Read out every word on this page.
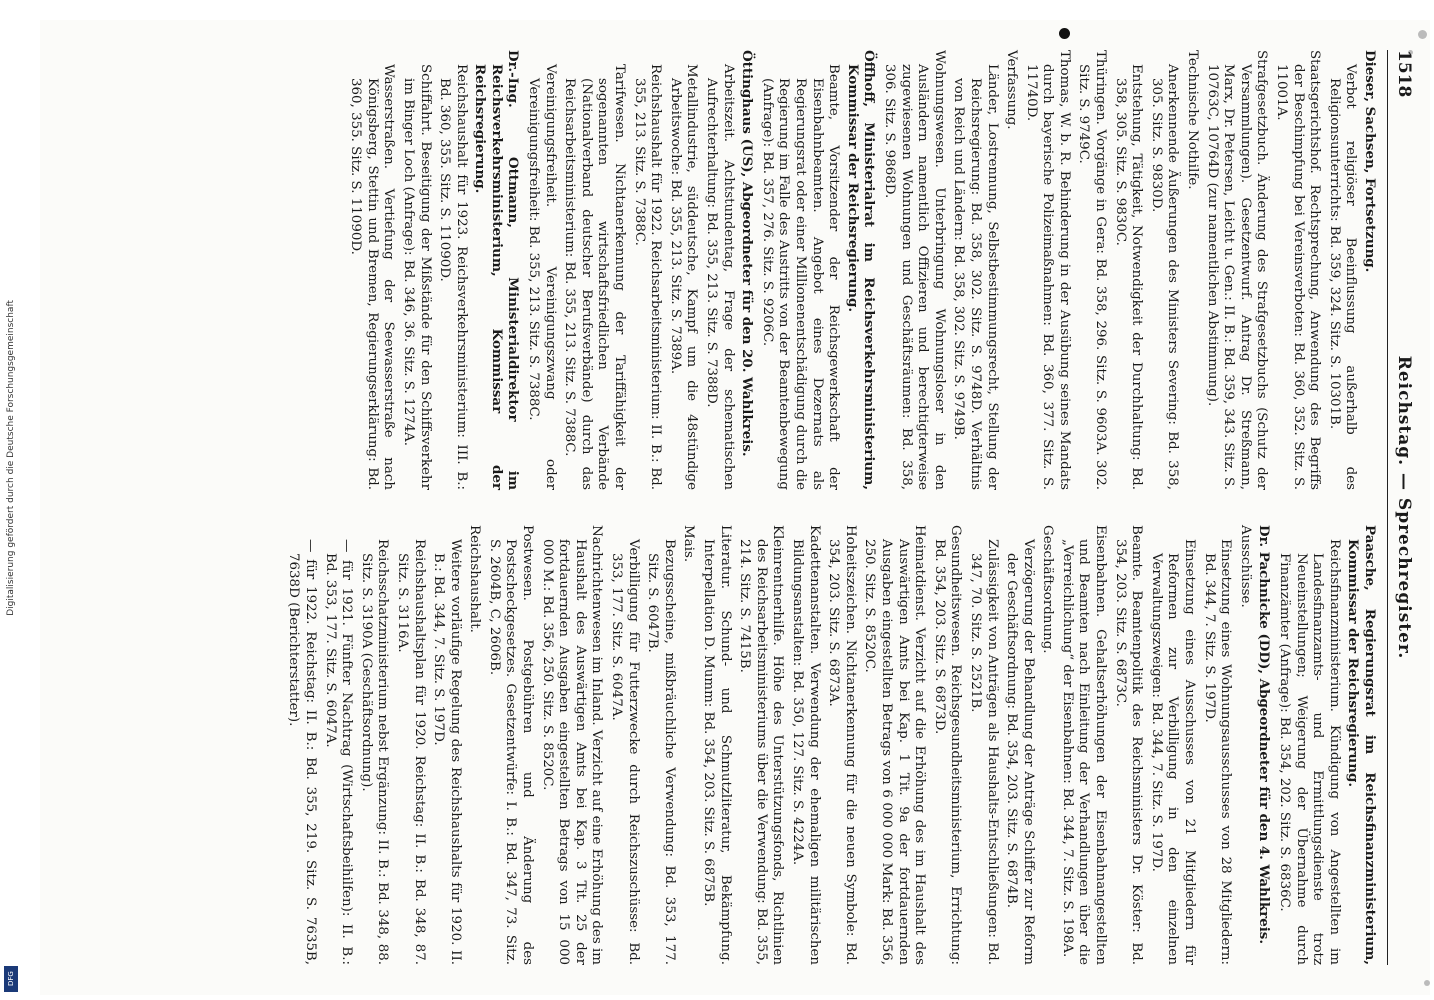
1518
Reichstag. — Sprechregister.
Dieser, Sachsen, Fortsetzung.
Verbot religiöser Beeinflussung außerhalb des Religionsunterrichts: Bd. 359, 324. Sitz. S. 10301B.
Staatsgerichtshof. Rechtsprechung, Anwendung des Begriffs der Beschimpfung bei Vereinsverboten: Bd. 360, 352. Sitz. S. 11001A.
Strafgesetzbuch. Änderung des Strafgesetzbuchs (Schutz der Versammlungen). Gesetzentwurf. Antrag Dr. Streßmann, Marx, Dr. Petersen, Leicht u. Gen.: II. B.: Bd. 359, 343. Sitz. S. 10763C, 10764D (zur namentlichen Abstimmung).
Technische Nothilfe.
Anerkennende Äußerungen des Ministers Severing: Bd. 358, 305. Sitz. S. 9830D.
Entstehung, Tätigkeit, Notwendigkeit der Durchhaltung: Bd. 358, 305. Sitz. S. 9830C.
Thüringen. Vorgänge in Gera: Bd. 358, 296. Sitz. S. 9603A. 302. Sitz. S. 9749C.
Thomas, W. b. R. Behinderung in der Ausübung seines Mandats durch bayerische Polizeimaßnahmen: Bd. 360, 377. Sitz. S. 11740D.
Verfassung.
Länder, Lostrennung, Selbstbestimmungsrecht, Stellung der Reichsregierung: Bd. 358, 302. Sitz. S. 9748D. Verhältnis von Reich und Ländern: Bd. 358, 302. Sitz. S. 9749B.
Wohnungswesen. Unterbringung Wohnungsloser in den Ausländern namentlich Offizieren und berechtigterweise zugewiesenen Wohnungen und Geschäftsräumen: Bd. 358, 306. Sitz. S. 9868D.
Öffhoff, Ministerialrat im Reichsverkehrsministerium, Kommissar der Reichsregierung.
Beamte, Vorsitzender der Reichsgewerkschaft der Eisenbahnbeamten. Angebot eines Dezernats als Regierungsrat oder einer Millionenentschädigung durch die Regierung im Falle des Austritts von der Beamtenbewegung (Anfrage): Bd. 357, 276. Sitz. S. 9206C.
Öttinghaus (US), Abgeordneter für den 20. Wahlkreis.
Arbeitszeit. Achtstundentag, Frage der schematischen Aufrechterhaltung: Bd. 355, 213. Sitz. S. 7388D.
Metallindustrie, süddeutsche, Kampf um die 48stündige Arbeitswoche: Bd. 355, 213. Sitz. S. 7389A.
Reichshaushalt für 1922. Reichsarbeitsministerium: II. B.: Bd. 355, 213. Sitz. S. 7388C.
Tarifwesen. Nichtanerkennung der Tariffähigkeit der sogenannten wirtschaftsfriedlichen Verbände (Nationalverband deutscher Berufsverbände) durch das Reichsarbeitsministerium: Bd. 355, 213. Sitz. S. 7388C.
Vereinigungsfreiheit. Vereinigungszwang oder Vereinigungsfreiheit: Bd. 355, 213. Sitz. S. 7388C.
Dr.-Ing. Ottmann, Ministerialdirektor im Reichsverkehrsministerium, Kommissar der Reichsregierung.
Reichshaushalt für 1923. Reichsverkehrsministerium: III. B.: Bd. 360, 355. Sitz. S. 11090D.
Schiffahrt. Beseitigung der Mißstände für den Schiffsverkehr im Binger Loch (Anfrage): Bd. 346, 36. Sitz. S. 1274A.
Wasserstraßen. Vertiefung der Seewasserstraße nach Königsberg, Stettin und Bremen, Regierungserklärung: Bd. 360, 355. Sitz. S. 11090D.
Paasche, Regierungsrat im Reichsfinanzministerium, Kommissar der Reichsregierung.
Reichsfinanzministerium. Kündigung von Angestellten im Landesfinanzamts- und Ermittlungsdienste trotz Neueinstellungen; Weigerung der Übernahme durch Finanzämter (Anfrage): Bd. 354, 202. Sitz. S. 6836C.
Dr. Pachnicke (DD), Abgeordneter für den 4. Wahlkreis.
Ausschüsse.
Einsetzung eines Wohnungsausschusses von 28 Mitgliedern: Bd. 344, 7. Sitz. S. 197D.
Einsetzung eines Ausschusses von 21 Mitgliedern für Reformen zur Verbilligung in den einzelnen Verwaltungszweigen: Bd. 344, 7. Sitz. S. 197D.
Beamte. Beamtenpolitik des Reichsministers Dr. Köster: Bd. 354, 203. Sitz. S. 6873C.
Eisenbahnen. Gehaltserhöhungen der Eisenbahnangestellten und Beamten nach Einleitung der Verhandlungen über die „Verreichlichung“ der Eisenbahnen: Bd. 344, 7. Sitz. S. 198A.
Geschäftsordnung.
Verzögerung der Behandlung der Anträge Schiffer zur Reform der Geschäftsordnung: Bd. 354, 203. Sitz. S. 6874B.
Zulässigkeit von Anträgen als Haushalts-Entschließungen: Bd. 347, 70. Sitz. S. 2521B.
Gesundheitswesen. Reichsgesundheitsministerium, Errichtung: Bd. 354, 203. Sitz. S. 6873D.
Heimatdienst. Verzicht auf die Erhöhung des im Haushalt des Auswärtigen Amts bei Kap. 1 Tit. 9a der fortdauernden Ausgaben eingestellten Betrags von 6 000 000 Mark: Bd. 356, 250. Sitz. S. 8520C.
Hoheitszeichen. Nichtanerkennung für die neuen Symbole: Bd. 354, 203. Sitz. S. 6873A.
Kadettenanstalten. Verwendung der ehemaligen militärischen Bildungsanstalten: Bd. 350, 127. Sitz. S. 4224A.
Kleinrentnerhilfe. Höhe des Unterstützungsfonds, Richtlinien des Reichsarbeitsministeriums über die Verwendung: Bd. 355, 214. Sitz. S. 7415B.
Literatur. Schund- und Schmutzliteratur, Bekämpfung. Interpellation D. Mumm: Bd. 354, 203. Sitz. S. 6875B.
Mais.
Bezugsscheine, mißbräuchliche Verwendung: Bd. 353, 177. Sitz. S. 6047B.
Verbilligung für Futterzwecke durch Reichszuschüsse: Bd. 353, 177. Sitz. S. 6047A.
Nachrichtenwesen im Inland. Verzicht auf eine Erhöhung des im Haushalt des Auswärtigen Amts bei Kap. 3 Tit. 25 der fortdauernden Ausgaben eingestellten Betrags von 15 000 000 M.: Bd. 356, 250. Sitz. S. 8520C.
Postwesen. Postgebühren und Änderung des Postscheckgesetzes. Gesetzentwürfe: I. B.: Bd. 347, 73. Sitz. S. 2604B, C, 2606B.
Reichshaushalt.
Weitere vorläufige Regelung des Reichshaushalts für 1920. II. B.: Bd. 344, 7. Sitz. S. 197D.
Reichshaushaltsplan für 1920. Reichstag: II. B.: Bd. 348, 87. Sitz. S. 3116A.
Reichsschatzministerium nebst Ergänzung: II. B.: Bd. 348, 88. Sitz. S. 3190A (Geschäftsordnung).
— für 1921. Fünfter Nachtrag (Wirtschaftsbeihilfen): II. B.: Bd. 353, 177. Sitz. S. 6047A.
— für 1922. Reichstag: II. B.: Bd. 355, 219. Sitz. S. 7635B, 7638D (Berichterstatter).
Digitalisierung gefördert durch die Deutsche Forschungsgemeinschaft
DFG
